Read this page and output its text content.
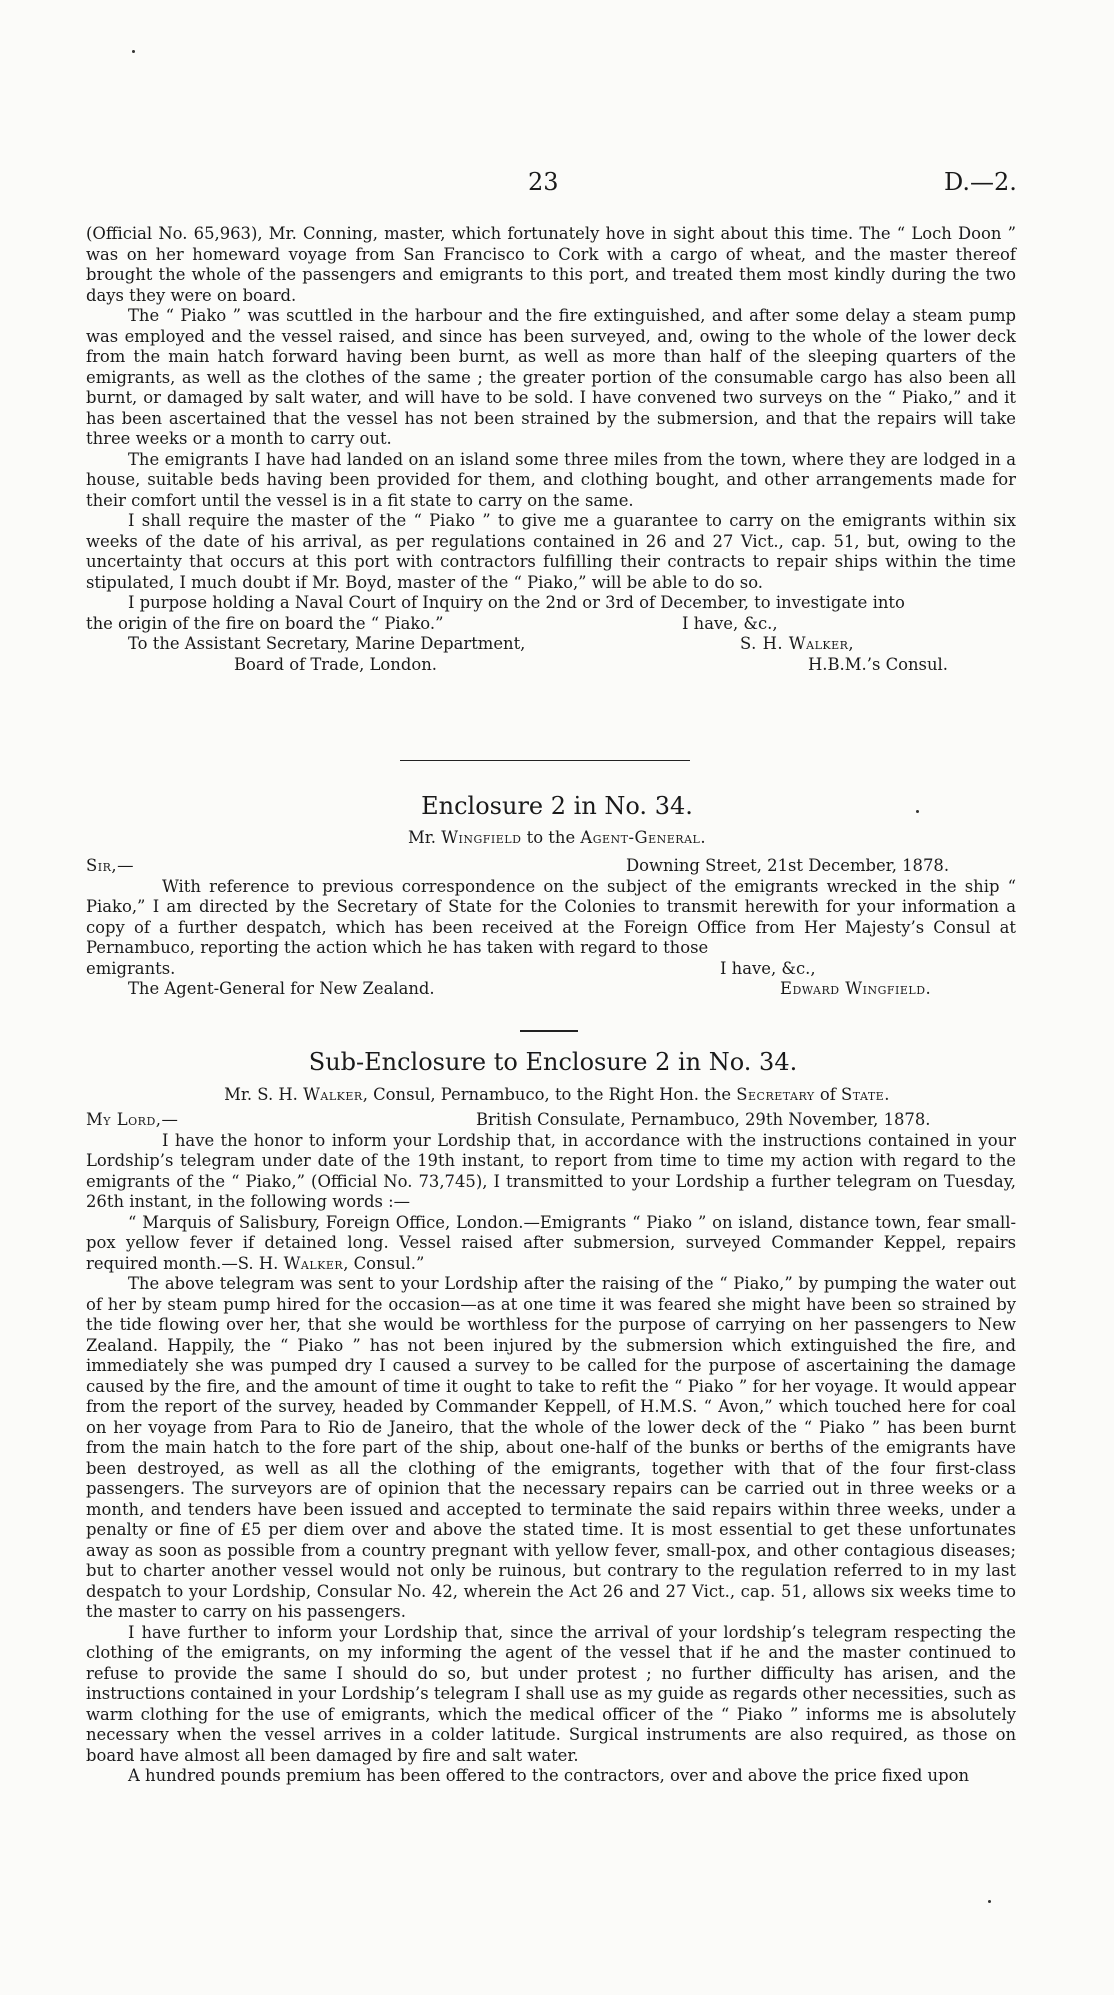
23	D.—2.

(Official No. 65,963), Mr. Conning, master, which fortunately hove in sight about this time. The “ Loch Doon ” was on her homeward voyage from San Francisco to Cork with a cargo of wheat, and the master thereof brought the whole of the passengers and emigrants to this port, and treated them most kindly during the two days they were on board.

The “ Piako ” was scuttled in the harbour and the fire extinguished, and after some delay a steam pump was employed and the vessel raised, and since has been surveyed, and, owing to the whole of the lower deck from the main hatch forward having been burnt, as well as more than half of the sleeping quarters of the emigrants, as well as the clothes of the same ; the greater portion of the consumable cargo has also been all burnt, or damaged by salt water, and will have to be sold. I have convened two surveys on the “ Piako,” and it has been ascertained that the vessel has not been strained by the submersion, and that the repairs will take three weeks or a month to carry out.

The emigrants I have had landed on an island some three miles from the town, where they are lodged in a house, suitable beds having been provided for them, and clothing bought, and other arrangements made for their comfort until the vessel is in a fit state to carry on the same.

I shall require the master of the “ Piako ” to give me a guarantee to carry on the emigrants within six weeks of the date of his arrival, as per regulations contained in 26 and 27 Vict., cap. 51, but, owing to the uncertainty that occurs at this port with contractors fulfilling their contracts to repair ships within the time stipulated, I much doubt if Mr. Boyd, master of the “ Piako,” will be able to do so.

I purpose holding a Naval Court of Inquiry on the 2nd or 3rd of December, to investigate into

the origin of the fire on board the “ Piako.”	I have, &c.,
To the Assistant Secretary, Marine Department,	S. H. Walker,
Board of Trade, London.	H.B.M.’s Consul.
Enclosure 2 in No. 34.
Mr. Wingfield to the Agent-General.
Sir,—	Downing Street, 21st December, 1878.

With reference to previous correspondence on the subject of the emigrants wrecked in the ship “ Piako,” I am directed by the Secretary of State for the Colonies to transmit herewith for your information a copy of a further despatch, which has been received at the Foreign Office from Her Majesty’s Consul at Pernambuco, reporting the action which he has taken with regard to those

emigrants.	I have, &c.,
The Agent-General for New Zealand.	Edward Wingfield.
Sub-Enclosure to Enclosure 2 in No. 34.
Mr. S. H. Walker, Consul, Pernambuco, to the Right Hon. the Secretary of State.
My Lord,—	British Consulate, Pernambuco, 29th November, 1878.

I have the honor to inform your Lordship that, in accordance with the instructions contained in your Lordship’s telegram under date of the 19th instant, to report from time to time my action with regard to the emigrants of the “ Piako,” (Official No. 73,745), I transmitted to your Lordship a further telegram on Tuesday, 26th instant, in the following words :—

“ Marquis of Salisbury, Foreign Office, London.—Emigrants “ Piako ” on island, distance town, fear small-pox yellow fever if detained long. Vessel raised after submersion, surveyed Commander Keppel, repairs required month.—S. H. Walker, Consul.”

The above telegram was sent to your Lordship after the raising of the “ Piako,” by pumping the water out of her by steam pump hired for the occasion—as at one time it was feared she might have been so strained by the tide flowing over her, that she would be worthless for the purpose of carrying on her passengers to New Zealand. Happily, the “ Piako ” has not been injured by the submersion which extinguished the fire, and immediately she was pumped dry I caused a survey to be called for the purpose of ascertaining the damage caused by the fire, and the amount of time it ought to take to refit the “ Piako ” for her voyage. It would appear from the report of the survey, headed by Commander Keppell, of H.M.S. “ Avon,” which touched here for coal on her voyage from Para to Rio de Janeiro, that the whole of the lower deck of the “ Piako ” has been burnt from the main hatch to the fore part of the ship, about one-half of the bunks or berths of the emigrants have been destroyed, as well as all the clothing of the emigrants, together with that of the four first-class passengers. The surveyors are of opinion that the necessary repairs can be carried out in three weeks or a month, and tenders have been issued and accepted to terminate the said repairs within three weeks, under a penalty or fine of £5 per diem over and above the stated time. It is most essential to get these unfortunates away as soon as possible from a country pregnant with yellow fever, small-pox, and other contagious diseases; but to charter another vessel would not only be ruinous, but contrary to the regulation referred to in my last despatch to your Lordship, Consular No. 42, wherein the Act 26 and 27 Vict., cap. 51, allows six weeks time to the master to carry on his passengers.

I have further to inform your Lordship that, since the arrival of your lordship’s telegram respecting the clothing of the emigrants, on my informing the agent of the vessel that if he and the master continued to refuse to provide the same I should do so, but under protest ; no further difficulty has arisen, and the instructions contained in your Lordship’s telegram I shall use as my guide as regards other necessities, such as warm clothing for the use of emigrants, which the medical officer of the “ Piako ” informs me is absolutely necessary when the vessel arrives in a colder latitude. Surgical instruments are also required, as those on board have almost all been damaged by fire and salt water.

A hundred pounds premium has been offered to the contractors, over and above the price fixed upon
